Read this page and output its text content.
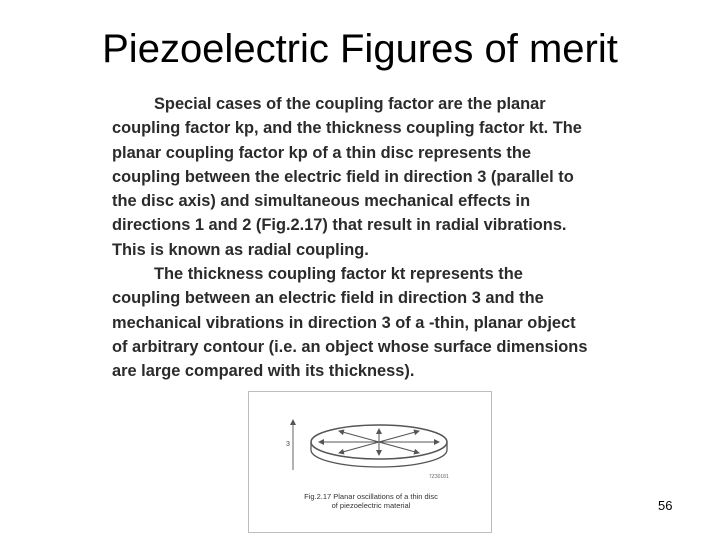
Piezoelectric Figures of merit

Special cases of the coupling factor are the planar coupling factor kp, and the thickness coupling factor kt. The planar coupling factor kp of a thin disc represents the coupling between the electric field in direction 3 (parallel to the disc axis) and simultaneous mechanical effects in directions 1 and 2 (Fig.2.17) that result in radial vibrations. This is known as radial coupling.

The thickness coupling factor kt represents the coupling between an electric field in direction 3 and the mechanical vibrations in direction 3 of a -thin, planar object of arbitrary contour (i.e. an object whose surface dimensions are large compared with its thickness).

3
7Z30181
Fig.2.17 Planar oscillations of a thin disc
of piezoelectric material	56
